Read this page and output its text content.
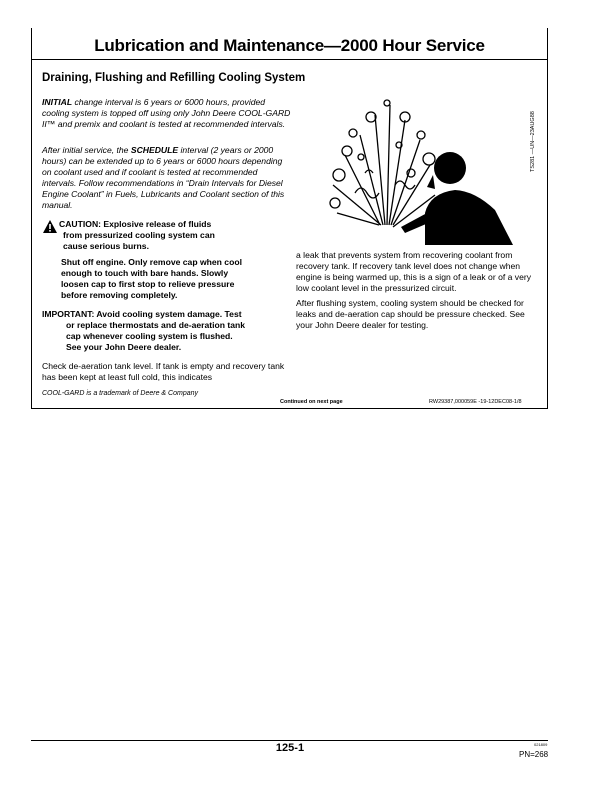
Lubrication and Maintenance—2000 Hour Service
Draining, Flushing and Refilling Cooling System
INITIAL change interval is 6 years or 6000 hours, provided cooling system is topped off using only John Deere COOL-GARD II™ and premix and coolant is tested at recommended intervals.
After initial service, the SCHEDULE interval (2 years or 2000 hours) can be extended up to 6 years or 6000 hours depending on coolant used and if coolant is tested at recommended intervals. Follow recommendations in “Drain Intervals for Diesel Engine Coolant” in Fuels, Lubricants and Coolant section of this manual.
CAUTION: Explosive release of fluids
from pressurized cooling system can
cause serious burns.
Shut off engine. Only remove cap when cool
enough to touch with bare hands. Slowly
loosen cap to first stop to relieve pressure
before removing completely.
IMPORTANT: Avoid cooling system damage. Test
or replace thermostats and de-aeration tank
cap whenever cooling system is flushed.
See your John Deere dealer.
Check de-aeration tank level. If tank is empty and recovery tank has been kept at least full cold, this indicates
TS281 —UN—23AUG88
a leak that prevents system from recovering coolant from recovery tank. If recovery tank level does not change when engine is being warmed up, this is a sign of a leak or of a very low coolant level in the pressurized circuit.
After flushing system, cooling system should be checked for leaks and de-aeration cap should be pressure checked. See your John Deere dealer for testing.
COOL-GARD is a trademark of Deere & Company
Continued on next page	RW29387,000059E -19-12DEC08-1/8
125-1	021809
PN=268
